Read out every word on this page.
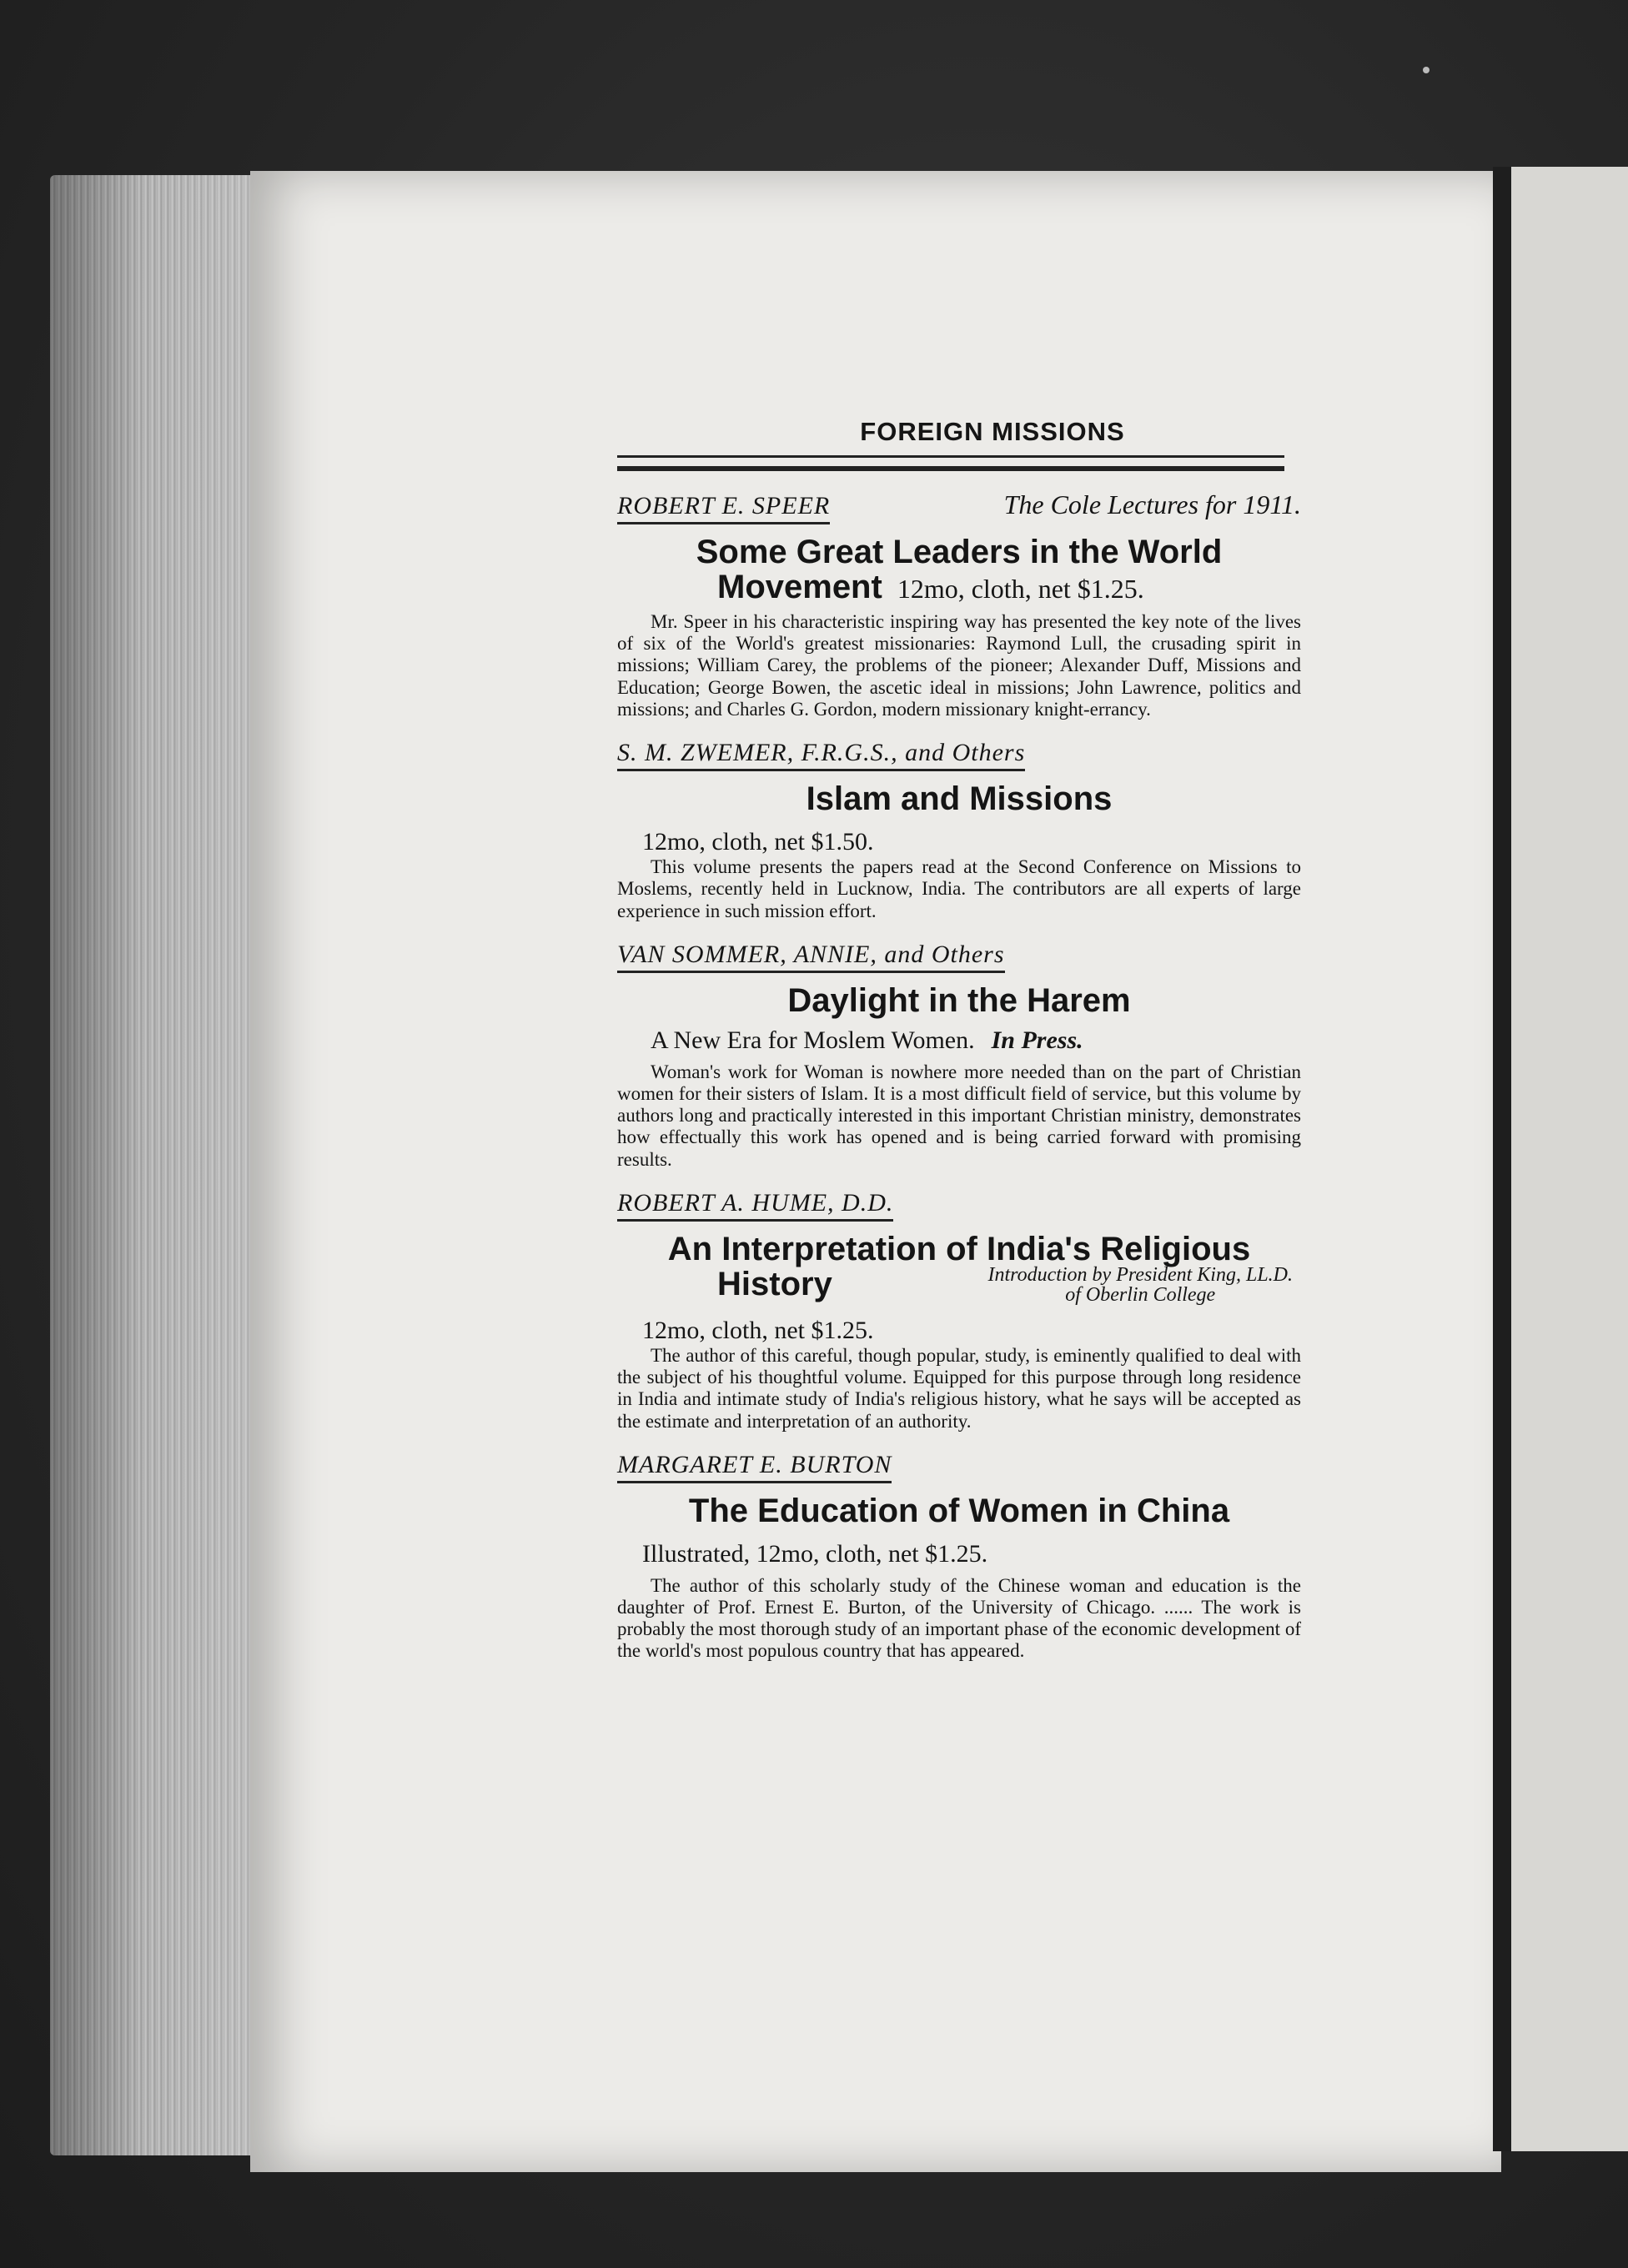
FOREIGN MISSIONS
ROBERT E. SPEER	The Cole Lectures for 1911.
Some Great Leaders in the World
Movement 12mo, cloth, net $1.25.
Mr. Speer in his characteristic inspiring way has presented the key note of the lives of six of the World's greatest missionaries: Raymond Lull, the crusading spirit in missions; William Carey, the problems of the pioneer; Alexander Duff, Missions and Education; George Bowen, the ascetic ideal in missions; John Lawrence, politics and missions; and Charles G. Gordon, modern missionary knight-errancy.
S. M. ZWEMER, F.R.G.S., and Others
Islam and Missions
12mo, cloth, net $1.50.
This volume presents the papers read at the Second Conference on Missions to Moslems, recently held in Lucknow, India. The contributors are all experts of large experience in such mission effort.
VAN SOMMER, ANNIE, and Others
Daylight in the Harem
A New Era for Moslem Women. In Press.
Woman's work for Woman is nowhere more needed than on the part of Christian women for their sisters of Islam. It is a most difficult field of service, but this volume by authors long and practically interested in this important Christian ministry, demonstrates how effectually this work has opened and is being carried forward with promising results.
ROBERT A. HUME, D.D.
An Interpretation of India's Religious
History	Introduction by President King, LL.D.
of Oberlin College
12mo, cloth, net $1.25.
The author of this careful, though popular, study, is eminently qualified to deal with the subject of his thoughtful volume. Equipped for this purpose through long residence in India and intimate study of India's religious history, what he says will be accepted as the estimate and interpretation of an authority.
MARGARET E. BURTON
The Education of Women in China
Illustrated, 12mo, cloth, net $1.25.
The author of this scholarly study of the Chinese woman and education is the daughter of Prof. Ernest E. Burton, of the University of Chicago. ...... The work is probably the most thorough study of an important phase of the economic development of the world's most populous country that has appeared.
